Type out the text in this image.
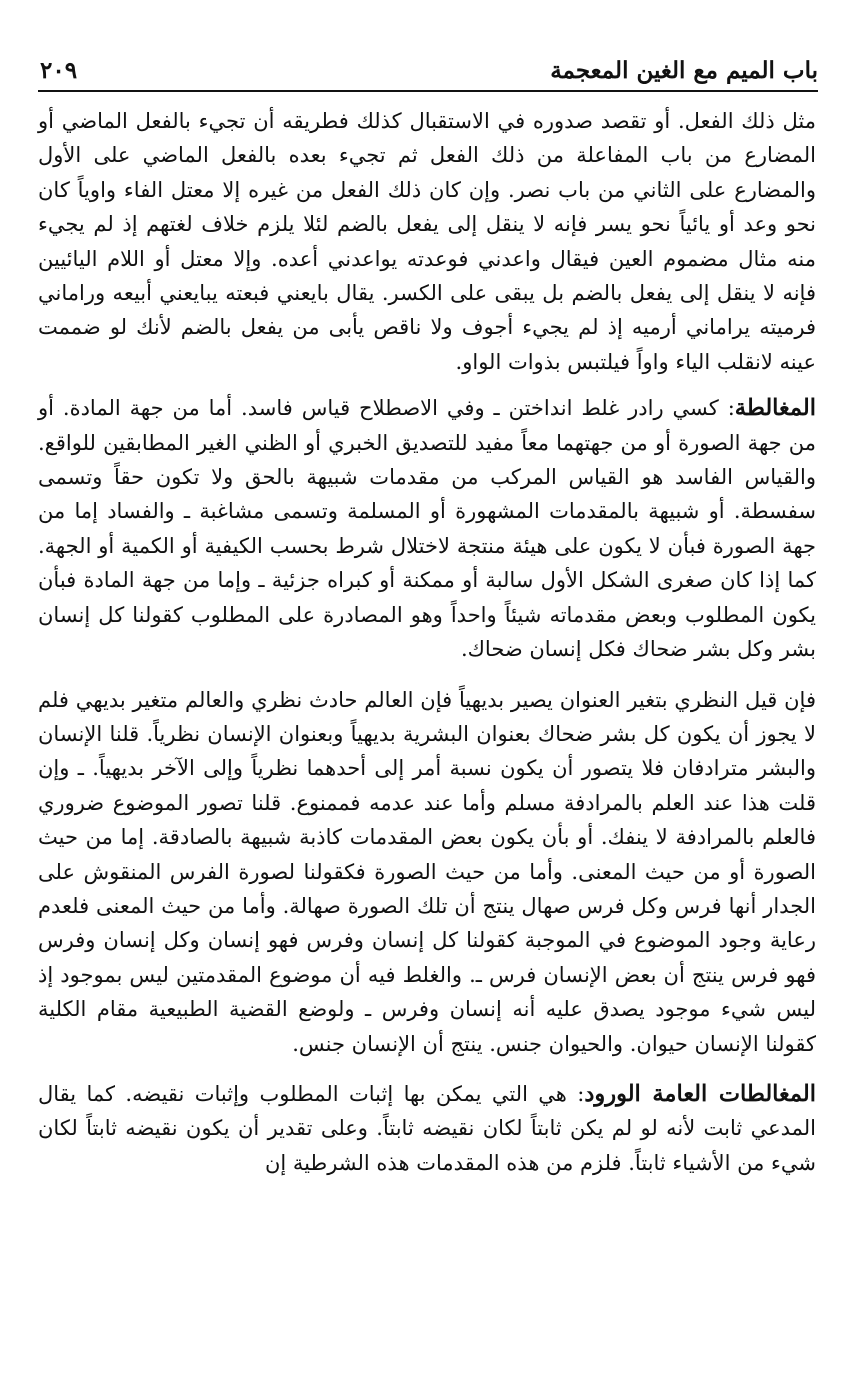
باب الميم مع الغين المعجمة
٢٠٩

مثل ذلك الفعل. أو تقصد صدوره في الاستقبال كذلك فطريقه أن تجيء بالفعل الماضي أو المضارع من باب المفاعلة من ذلك الفعل ثم تجيء بعده بالفعل الماضي على الأول والمضارع على الثاني من باب نصر. وإن كان ذلك الفعل من غيره إلا معتل الفاء واوياً كان نحو وعد أو يائياً نحو يسر فإنه لا ينقل إلى يفعل بالضم لئلا يلزم خلاف لغتهم إذ لم يجيء منه مثال مضموم العين فيقال واعدني فوعدته يواعدني أعده. وإلا معتل أو اللام اليائيين فإنه لا ينقل إلى يفعل بالضم بل يبقى على الكسر. يقال بايعني فبعته يبايعني أبيعه وراماني فرميته يراماني أرميه إذ لم يجيء أجوف ولا ناقص يأبى من يفعل بالضم لأنك لو ضممت عينه لانقلب الياء واواً فيلتبس بذوات الواو.

المغالطة: كسي رادر غلط انداختن ـ وفي الاصطلاح قياس فاسد. أما من جهة المادة. أو من جهة الصورة أو من جهتهما معاً مفيد للتصديق الخبري أو الظني الغير المطابقين للواقع. والقياس الفاسد هو القياس المركب من مقدمات شبيهة بالحق ولا تكون حقاً وتسمى سفسطة. أو شبيهة بالمقدمات المشهورة أو المسلمة وتسمى مشاغبة ـ والفساد إما من جهة الصورة فبأن لا يكون على هيئة منتجة لاختلال شرط بحسب الكيفية أو الكمية أو الجهة. كما إذا كان صغرى الشكل الأول سالبة أو ممكنة أو كبراه جزئية ـ وإما من جهة المادة فبأن يكون المطلوب وبعض مقدماته شيئاً واحداً وهو المصادرة على المطلوب كقولنا كل إنسان بشر وكل بشر ضحاك فكل إنسان ضحاك.

فإن قيل النظري بتغير العنوان يصير بديهياً فإن العالم حادث نظري والعالم متغير بديهي فلم لا يجوز أن يكون كل بشر ضحاك بعنوان البشرية بديهياً وبعنوان الإنسان نظرياً. قلنا الإنسان والبشر مترادفان فلا يتصور أن يكون نسبة أمر إلى أحدهما نظرياً وإلى الآخر بديهياً. ـ وإن قلت هذا عند العلم بالمرادفة مسلم وأما عند عدمه فممنوع. قلنا تصور الموضوع ضروري فالعلم بالمرادفة لا ينفك. أو بأن يكون بعض المقدمات كاذبة شبيهة بالصادقة. إما من حيث الصورة أو من حيث المعنى. وأما من حيث الصورة فكقولنا لصورة الفرس المنقوش على الجدار أنها فرس وكل فرس صهال ينتج أن تلك الصورة صهالة. وأما من حيث المعنى فلعدم رعاية وجود الموضوع في الموجبة كقولنا كل إنسان وفرس فهو إنسان وكل إنسان وفرس فهو فرس ينتج أن بعض الإنسان فرس ـ. والغلط فيه أن موضوع المقدمتين ليس بموجود إذ ليس شيء موجود يصدق عليه أنه إنسان وفرس ـ ولوضع القضية الطبيعية مقام الكلية كقولنا الإنسان حيوان. والحيوان جنس. ينتج أن الإنسان جنس.

المغالطات العامة الورود: هي التي يمكن بها إثبات المطلوب وإثبات نقيضه. كما يقال المدعي ثابت لأنه لو لم يكن ثابتاً لكان نقيضه ثابتاً. وعلى تقدير أن يكون نقيضه ثابتاً لكان شيء من الأشياء ثابتاً. فلزم من هذه المقدمات هذه الشرطية إن
